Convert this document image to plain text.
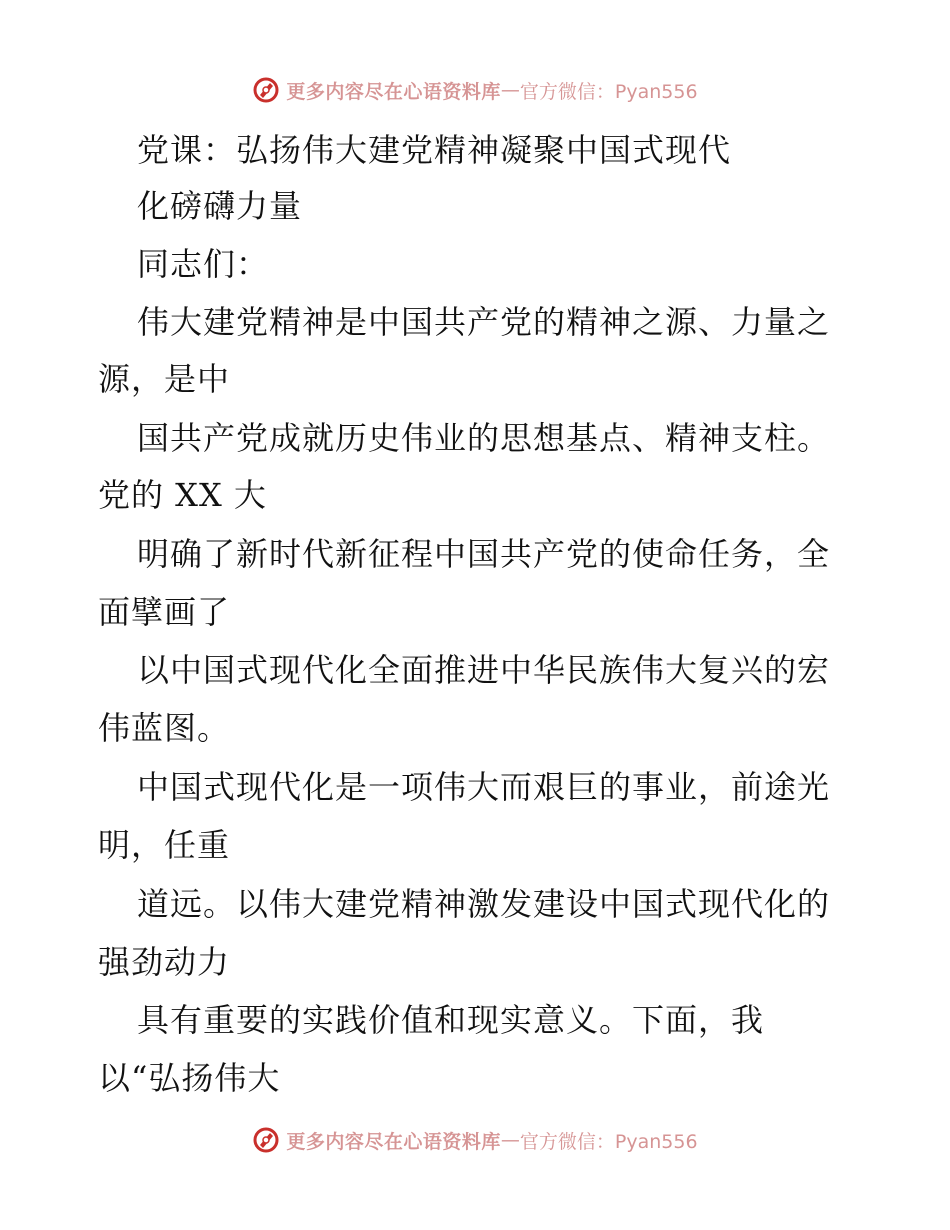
更多内容尽在心语资料库 — 官方微信：Pyan556
党课：弘扬伟大建党精神凝聚中国式现代
化磅礴力量
同志们：
伟大建党精神是中国共产党的精神之源、力量之
源，是中
国共产党成就历史伟业的思想基点、精神支柱。
党的 XX 大
明确了新时代新征程中国共产党的使命任务，全
面擘画了
以中国式现代化全面推进中华民族伟大复兴的宏
伟蓝图。
中国式现代化是一项伟大而艰巨的事业，前途光
明，任重
道远。以伟大建党精神激发建设中国式现代化的
强劲动力
具有重要的实践价值和现实意义。下面，我
以“弘扬伟大
更多内容尽在心语资料库 — 官方微信：Pyan556
